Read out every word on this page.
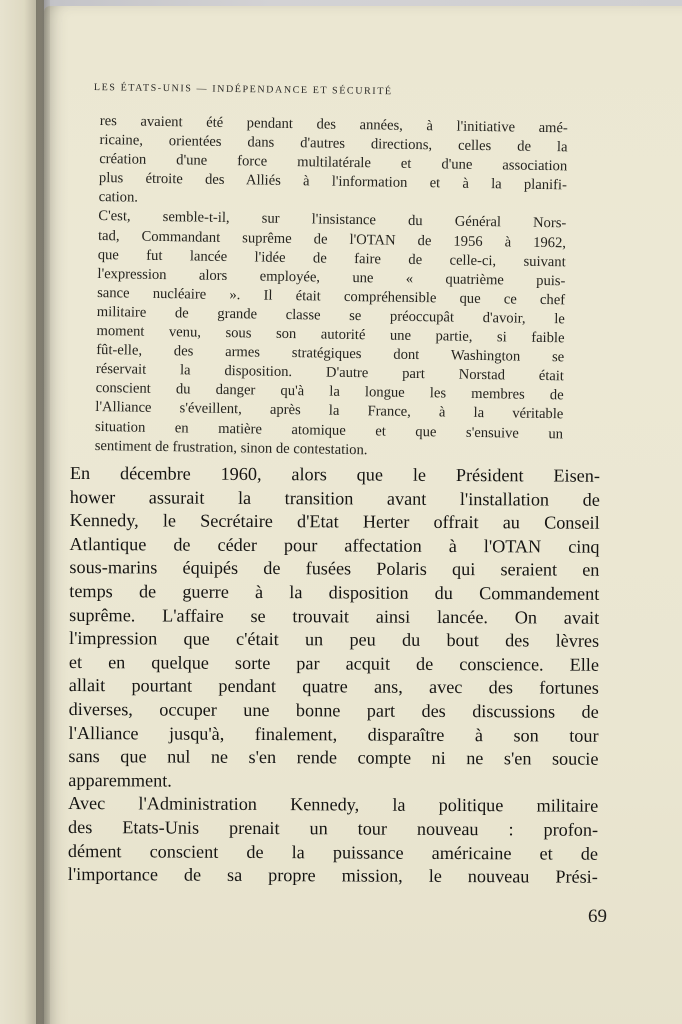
LES ÉTATS-UNIS — INDÉPENDANCE ET SÉCURITÉ
res avaient été pendant des années, à l'initiative amé-
ricaine, orientées dans d'autres directions, celles de la
création d'une force multilatérale et d'une association
plus étroite des Alliés à l'information et à la planifi-
cation.
C'est, semble-t-il, sur l'insistance du Général Nors-
tad, Commandant suprême de l'OTAN de 1956 à 1962,
que fut lancée l'idée de faire de celle-ci, suivant
l'expression alors employée, une « quatrième puis-
sance nucléaire ». Il était compréhensible que ce chef
militaire de grande classe se préoccupât d'avoir, le
moment venu, sous son autorité une partie, si faible
fût-elle, des armes stratégiques dont Washington se
réservait la disposition. D'autre part Norstad était
conscient du danger qu'à la longue les membres de
l'Alliance s'éveillent, après la France, à la véritable
situation en matière atomique et que s'ensuive un
sentiment de frustration, sinon de contestation.
En décembre 1960, alors que le Président Eisen-
hower assurait la transition avant l'installation de
Kennedy, le Secrétaire d'Etat Herter offrait au Conseil
Atlantique de céder pour affectation à l'OTAN cinq
sous-marins équipés de fusées Polaris qui seraient en
temps de guerre à la disposition du Commandement
suprême. L'affaire se trouvait ainsi lancée. On avait
l'impression que c'était un peu du bout des lèvres
et en quelque sorte par acquit de conscience. Elle
allait pourtant pendant quatre ans, avec des fortunes
diverses, occuper une bonne part des discussions de
l'Alliance jusqu'à, finalement, disparaître à son tour
sans que nul ne s'en rende compte ni ne s'en soucie
apparemment.
Avec l'Administration Kennedy, la politique militaire
des Etats-Unis prenait un tour nouveau : profon-
dément conscient de la puissance américaine et de
l'importance de sa propre mission, le nouveau Prési-
69
